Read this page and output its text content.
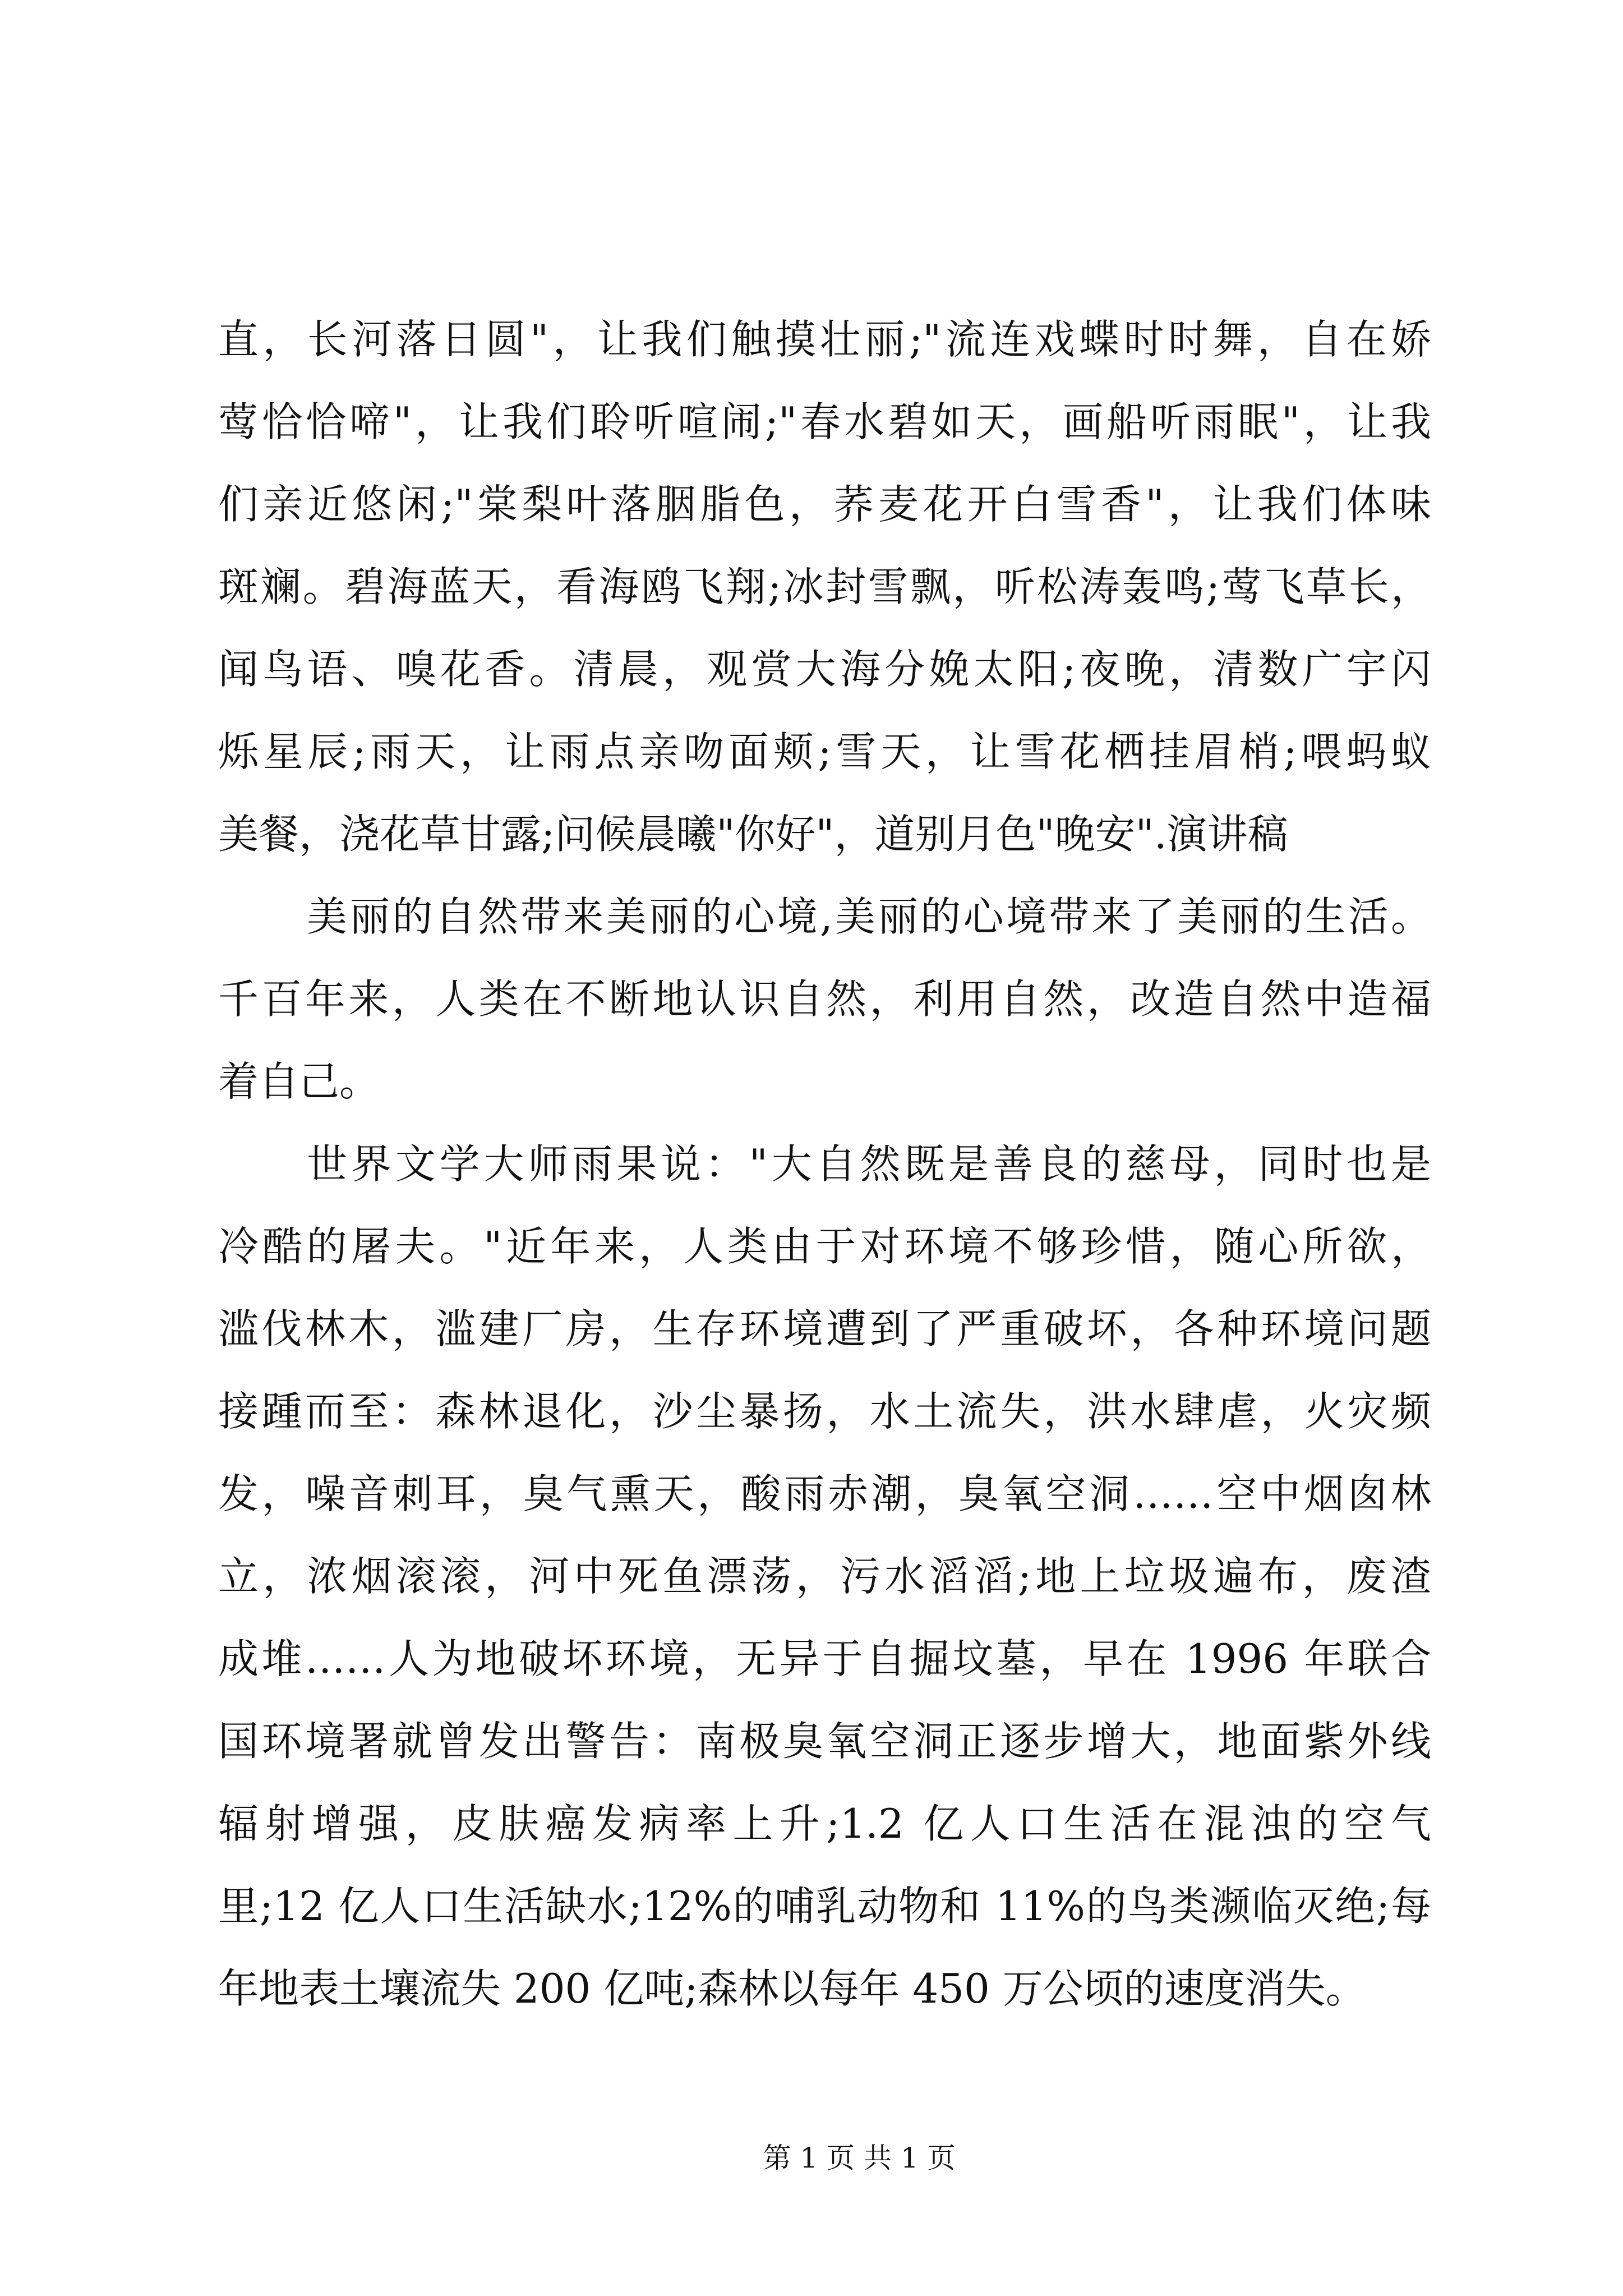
直，长河落日圆"，让我们触摸壮丽;"流连戏蝶时时舞，自在娇
莺恰恰啼"，让我们聆听喧闹;"春水碧如天，画船听雨眠"，让我
们亲近悠闲;"棠梨叶落胭脂色，荞麦花开白雪香"，让我们体味
斑斓。碧海蓝天，看海鸥飞翔;冰封雪飘，听松涛轰鸣;莺飞草长，
闻鸟语、嗅花香。清晨，观赏大海分娩太阳;夜晚，清数广宇闪
烁星辰;雨天，让雨点亲吻面颊;雪天，让雪花栖挂眉梢;喂蚂蚁
美餐，浇花草甘露;问候晨曦"你好"，道别月色"晚安".演讲稿
美丽的自然带来美丽的心境,美丽的心境带来了美丽的生活。
千百年来，人类在不断地认识自然，利用自然，改造自然中造福
着自己。
世界文学大师雨果说："大自然既是善良的慈母，同时也是
冷酷的屠夫。"近年来，人类由于对环境不够珍惜，随心所欲，
滥伐林木，滥建厂房，生存环境遭到了严重破坏，各种环境问题
接踵而至：森林退化，沙尘暴扬，水土流失，洪水肆虐，火灾频
发，噪音刺耳，臭气熏天，酸雨赤潮，臭氧空洞……空中烟囱林
立，浓烟滚滚，河中死鱼漂荡，污水滔滔;地上垃圾遍布，废渣
成堆……人为地破坏环境，无异于自掘坟墓，早在 1996 年联合
国环境署就曾发出警告：南极臭氧空洞正逐步增大，地面紫外线
辐射增强，皮肤癌发病率上升;1.2 亿人口生活在混浊的空气
里;12 亿人口生活缺水;12%的哺乳动物和 11%的鸟类濒临灭绝;每
年地表土壤流失 200 亿吨;森林以每年 450 万公顷的速度消失。
第 1 页 共 1 页
